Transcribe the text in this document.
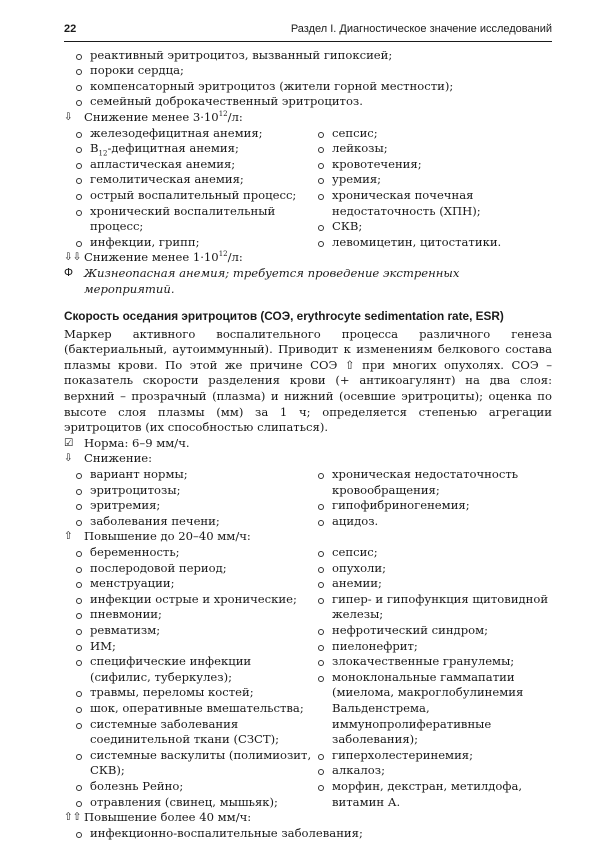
22	Раздел I. Диагностическое значение исследований
реактивный эритроцитоз, вызванный гипоксией;
пороки сердца;
компенсаторный эритроцитоз (жители горной местности);
семейный доброкачественный эритроцитоз.
⇩ Снижение менее $3\cdot 10^{12}/л$:
железодефицитная анемия;
$В_{12}$-дефицитная анемия;
апластическая анемия;
гемолитическая анемия;
острый воспалительный процесс;
хронический воспалительный процесс;
инфекции, грипп;
сепсис;
лейкозы;
кровотечения;
уремия;
хроническая почечная недостаточность (ХПН);
СКВ;
левомицетин, цитостатики.
⇩⇩ Снижение менее $1\cdot 10^{12}/л$:
Ф Жизнеопасная анемия; требуется проведение экстренных мероприятий.
Скорость оседания эритроцитов (СОЭ, erythrocyte sedimentation rate, ESR)
Маркер активного воспалительного процесса различного генеза (бактериальный, аутоиммунный). Приводит к изменениям белкового состава плазмы крови. По этой же причине СОЭ ⇧ при многих опухолях. СОЭ – показатель скорости разделения крови (+ антикоагулянт) на два слоя: верхний – прозрачный (плазма) и нижний (осевшие эритроциты); оценка по высоте слоя плазмы (мм) за 1 ч; определяется степенью агрегации эритроцитов (их способностью слипаться).
☑ Норма: 6–9 мм/ч.
⇩ Снижение:
вариант нормы;
эритроцитозы;
эритремия;
заболевания печени;
хроническая недостаточность кровообращения;
гипофибриногенемия;
ацидоз.
⇧ Повышение до 20–40 мм/ч:
беременность;
послеродовой период;
менструации;
инфекции острые и хронические;
пневмонии;
ревматизм;
ИМ;
специфические инфекции (сифилис, туберкулез);
травмы, переломы костей;
шок, оперативные вмешательства;
системные заболевания соединительной ткани (СЗСТ);
системные васкулиты (полимиозит, СКВ);
болезнь Рейно;
отравления (свинец, мышьяк);
сепсис;
опухоли;
анемии;
гипер- и гипофункция щитовидной железы;
нефротический синдром;
пиелонефрит;
злокачественные гранулемы;
моноклональные гаммапатии (миелома, макроглобулинемия Вальденстрема, иммунопролиферативные заболевания);
гиперхолестеринемия;
алкалоз;
морфин, декстран, метилдофа, витамин А.
⇧⇧ Повышение более 40 мм/ч:
инфекционно-воспалительные заболевания;
